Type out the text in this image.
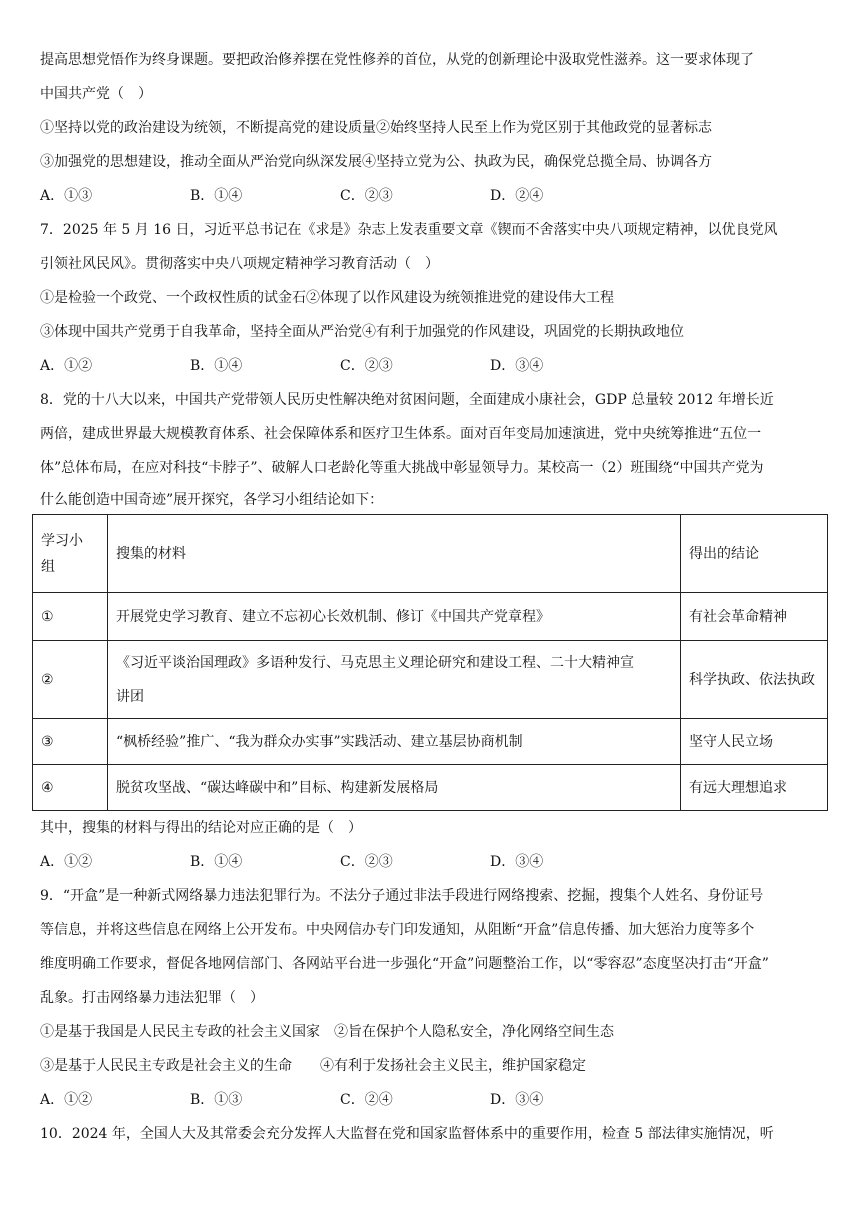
提高思想党悟作为终身课题。要把政治修养摆在党性修养的首位，从党的创新理论中汲取党性滋养。这一要求体现了
中国共产党（　）
①坚持以党的政治建设为统领，不断提高党的建设质量②始终坚持人民至上作为党区别于其他政党的显著标志
③加强党的思想建设，推动全面从严治党向纵深发展④坚持立党为公、执政为民，确保党总揽全局、协调各方
A．①③	B．①④	C．②③	D．②④
7．2025 年 5 月 16 日，习近平总书记在《求是》杂志上发表重要文章《锲而不舍落实中央八项规定精神，以优良党风
引领社风民风》。贯彻落实中央八项规定精神学习教育活动（　）
①是检验一个政党、一个政权性质的试金石②体现了以作风建设为统领推进党的建设伟大工程
③体现中国共产党勇于自我革命，坚持全面从严治党④有利于加强党的作风建设，巩固党的长期执政地位
A．①②	B．①④	C．②③	D．③④
8．党的十八大以来，中国共产党带领人民历史性解决绝对贫困问题，全面建成小康社会，GDP 总量较 2012 年增长近
两倍，建成世界最大规模教育体系、社会保障体系和医疗卫生体系。面对百年变局加速演进，党中央统筹推进“五位一
体”总体布局，在应对科技“卡脖子”、破解人口老龄化等重大挑战中彰显领导力。某校高一（2）班围绕“中国共产党为
什么能创造中国奇迹”展开探究，各学习小组结论如下：
学习小
组	搜集的材料	得出的结论
①	开展党史学习教育、建立不忘初心长效机制、修订《中国共产党章程》	有社会革命精神
②	《习近平谈治国理政》多语种发行、马克思主义理论研究和建设工程、二十大精神宣
讲团	科学执政、依法执政
③	“枫桥经验”推广、“我为群众办实事”实践活动、建立基层协商机制	坚守人民立场
④	脱贫攻坚战、“碳达峰碳中和”目标、构建新发展格局	有远大理想追求
其中，搜集的材料与得出的结论对应正确的是（　）
A．①②	B．①④	C．②③	D．③④
9．“开盒”是一种新式网络暴力违法犯罪行为。不法分子通过非法手段进行网络搜索、挖掘，搜集个人姓名、身份证号
等信息，并将这些信息在网络上公开发布。中央网信办专门印发通知，从阻断“开盒”信息传播、加大惩治力度等多个
维度明确工作要求，督促各地网信部门、各网站平台进一步强化“开盒”问题整治工作，以“零容忍”态度坚决打击“开盒”
乱象。打击网络暴力违法犯罪（　）
①是基于我国是人民民主专政的社会主义国家　②旨在保护个人隐私安全，净化网络空间生态
③是基于人民民主专政是社会主义的生命　　④有利于发扬社会主义民主，维护国家稳定
A．①②	B．①③	C．②④	D．③④
10．2024 年，全国人大及其常委会充分发挥人大监督在党和国家监督体系中的重要作用，检查 5 部法律实施情况，听
